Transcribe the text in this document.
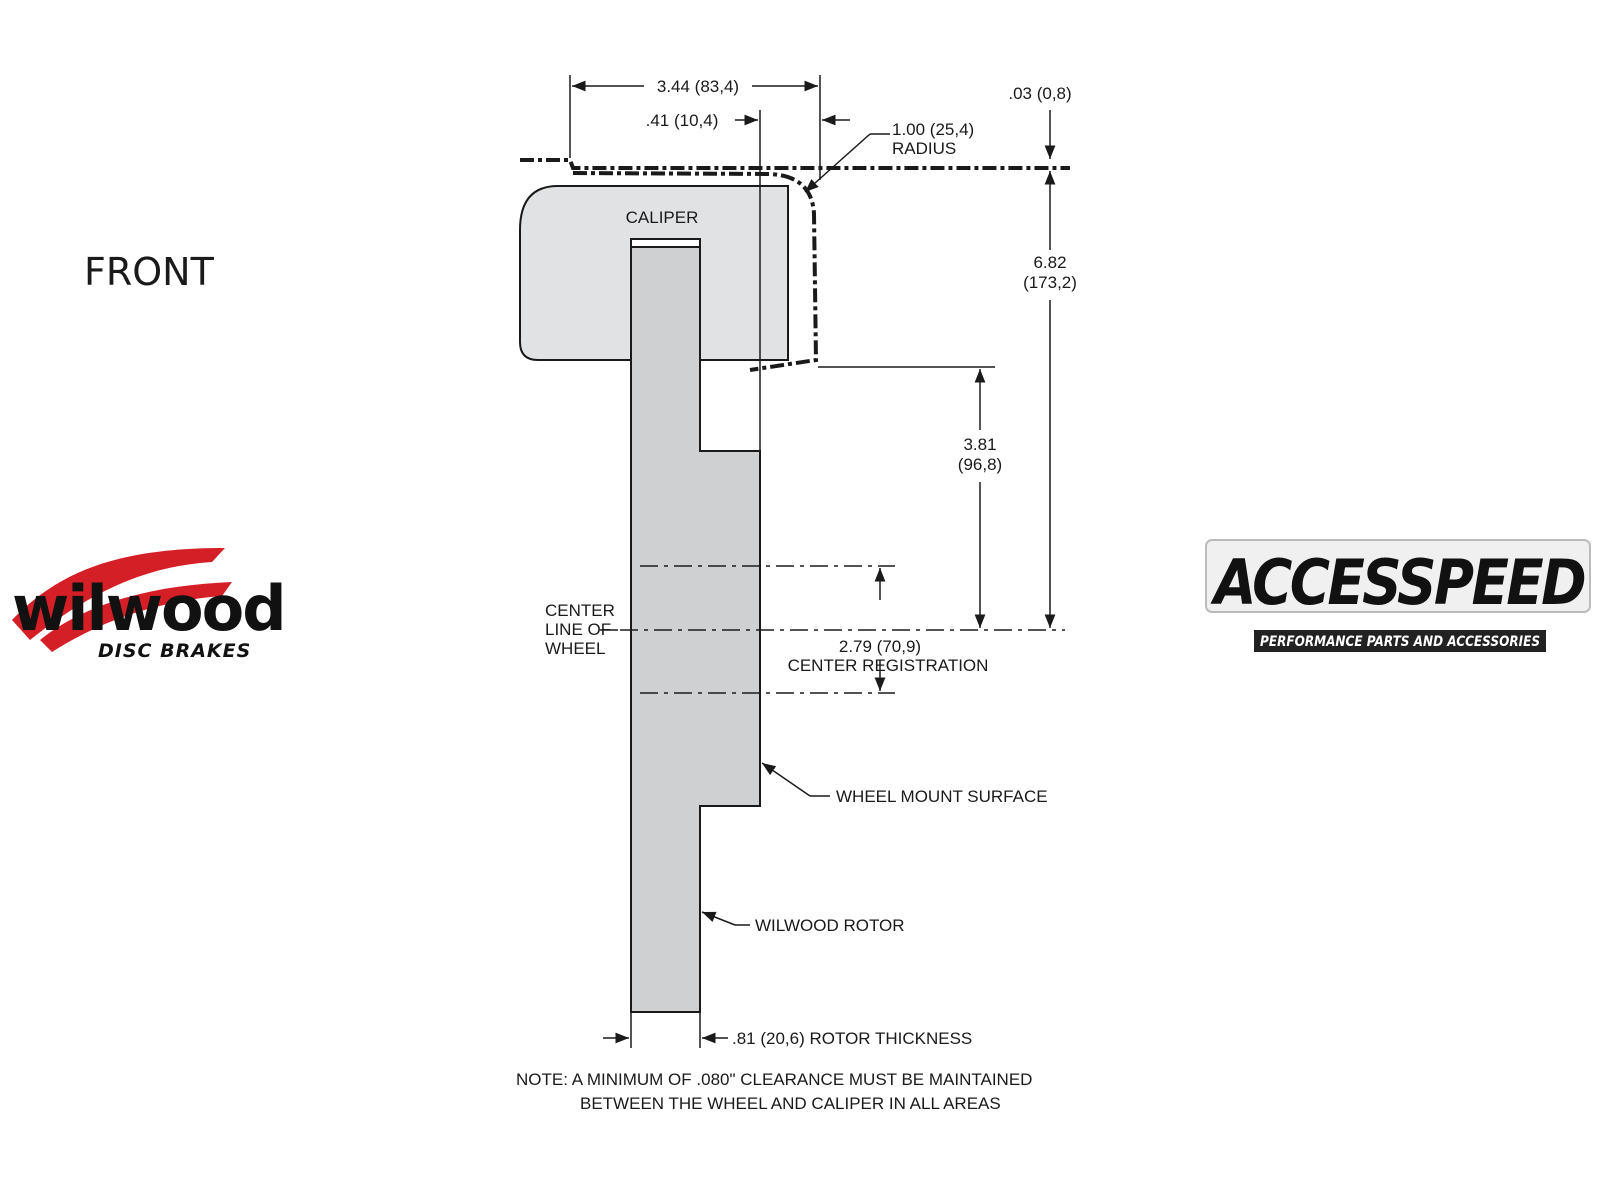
FRONT
wilwood
DISC BRAKES
ACCESSPEED
PERFORMANCE PARTS AND ACCESSORIES
CALIPER
3.44 (83,4)
.41 (10,4)	1.00 (25,4)
RADIUS
.03 (0,8)
6.82
(173,2)
3.81
(96,8)
CENTER
LINE OF
WHEEL	2.79 (70,9)
CENTER REGISTRATION
WHEEL MOUNT SURFACE
WILWOOD ROTOR
.81 (20,6) ROTOR THICKNESS
NOTE: A MINIMUM OF .080" CLEARANCE MUST BE MAINTAINED
BETWEEN THE WHEEL AND CALIPER IN ALL AREAS
